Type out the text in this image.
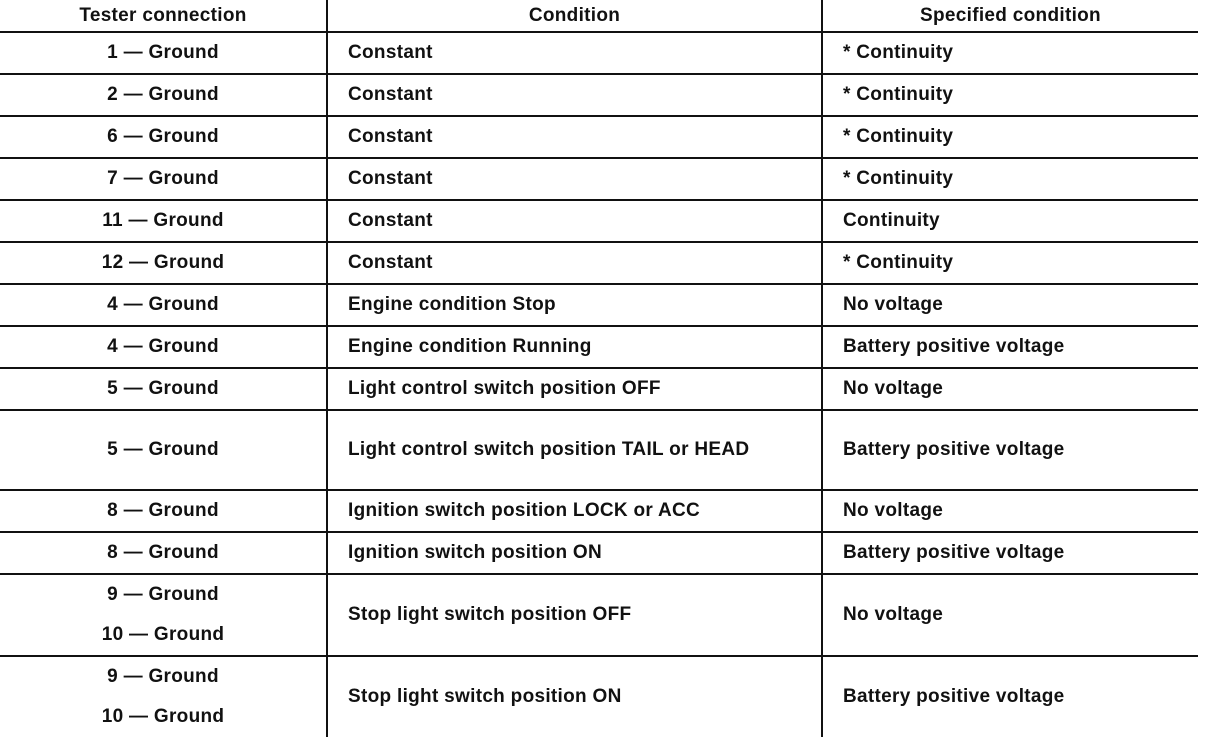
Tester connection	Condition	Specified condition
1 — Ground	Constant	* Continuity
2 — Ground	Constant	* Continuity
6 — Ground	Constant	* Continuity
7 — Ground	Constant	* Continuity
11 — Ground	Constant	Continuity
12 — Ground	Constant	* Continuity
4 — Ground	Engine condition Stop	No voltage
4 — Ground	Engine condition Running	Battery positive voltage
5 — Ground	Light control switch position OFF	No voltage
5 — Ground	Light control switch position TAIL or HEAD	Battery positive voltage
8 — Ground	Ignition switch position LOCK or ACC	No voltage
8 — Ground	Ignition switch position ON	Battery positive voltage

9 — Ground
10 — Ground	Stop light switch position OFF	No voltage

9 — Ground
10 — Ground	Stop light switch position ON	Battery positive voltage
